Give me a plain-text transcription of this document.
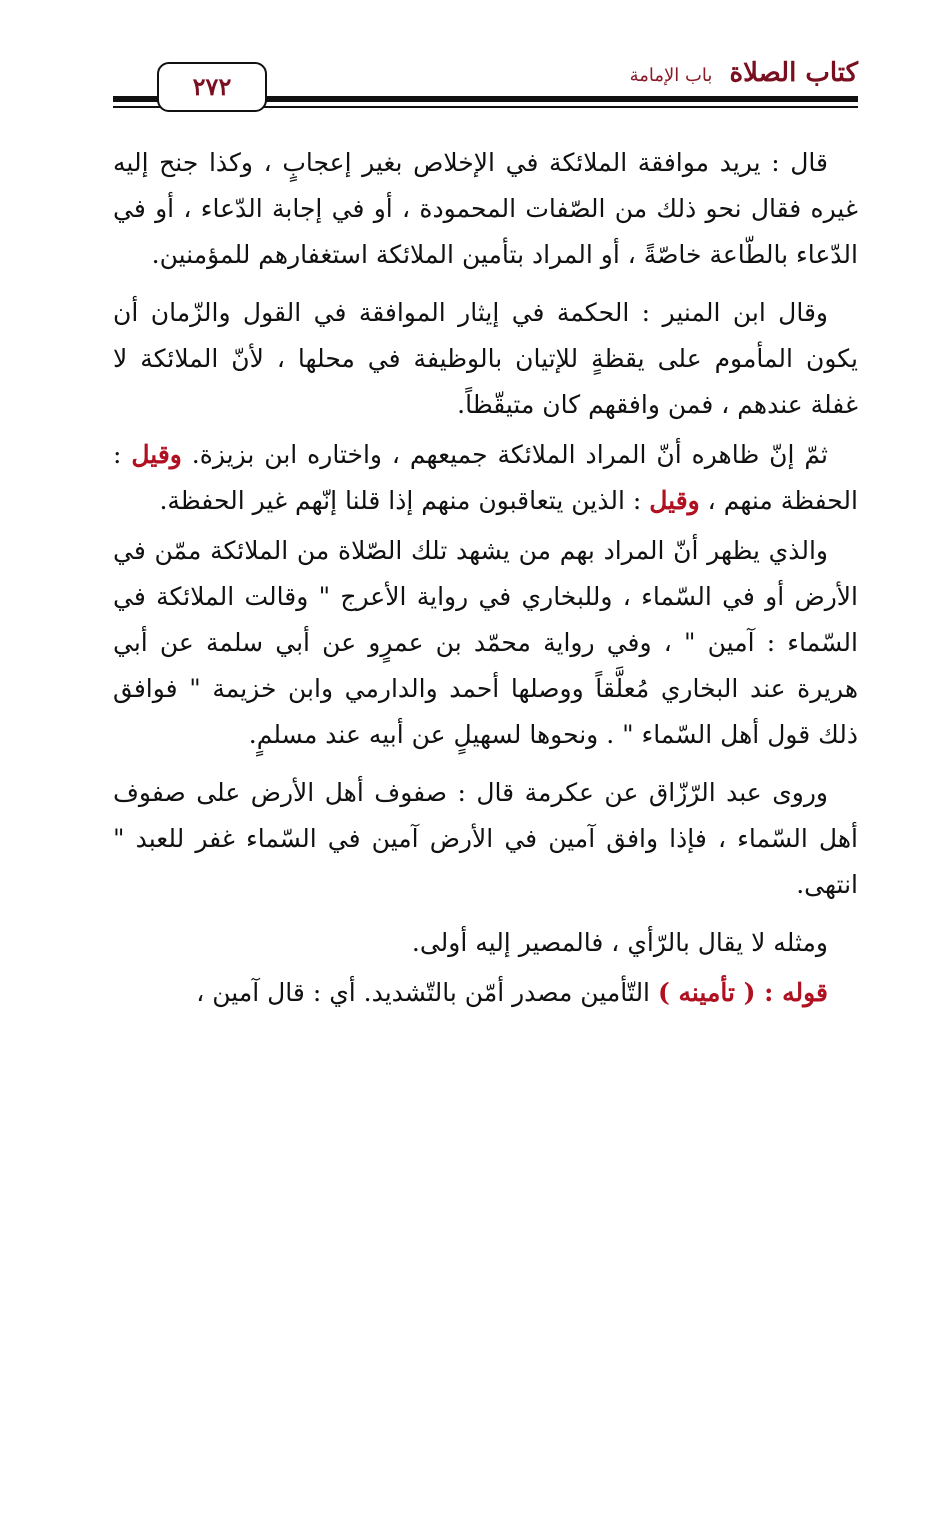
كتاب الصلاة باب الإمامة
٢٧٢

قال : يريد موافقة الملائكة في الإخلاص بغير إعجابٍ ، وكذا جنح إليه غيره فقال نحو ذلك من الصّفات المحمودة ، أو في إجابة الدّعاء ، أو في الدّعاء بالطّاعة خاصّةً ، أو المراد بتأمين الملائكة استغفارهم للمؤمنين.

وقال ابن المنير : الحكمة في إيثار الموافقة في القول والزّمان أن يكون المأموم على يقظةٍ للإتيان بالوظيفة في محلها ، لأنّ الملائكة لا غفلة عندهم ، فمن وافقهم كان متيقّظاً.

ثمّ إنّ ظاهره أنّ المراد الملائكة جميعهم ، واختاره ابن بزيزة. وقيل : الحفظة منهم ، وقيل : الذين يتعاقبون منهم إذا قلنا إنّهم غير الحفظة.

والذي يظهر أنّ المراد بهم من يشهد تلك الصّلاة من الملائكة ممّن في الأرض أو في السّماء ، وللبخاري في رواية الأعرج " وقالت الملائكة في السّماء : آمين " ، وفي رواية محمّد بن عمرٍو عن أبي سلمة عن أبي هريرة عند البخاري مُعلَّقاً ووصلها أحمد والدارمي وابن خزيمة " فوافق ذلك قول أهل السّماء " . ونحوها لسهيلٍ عن أبيه عند مسلمٍ.

وروى عبد الرّزّاق عن عكرمة قال : صفوف أهل الأرض على صفوف أهل السّماء ، فإذا وافق آمين في الأرض آمين في السّماء غفر للعبد " انتهى.

ومثله لا يقال بالرّأي ، فالمصير إليه أولى.

قوله : ( تأمينه ) التّأمين مصدر أمّن بالتّشديد. أي : قال آمين ،
